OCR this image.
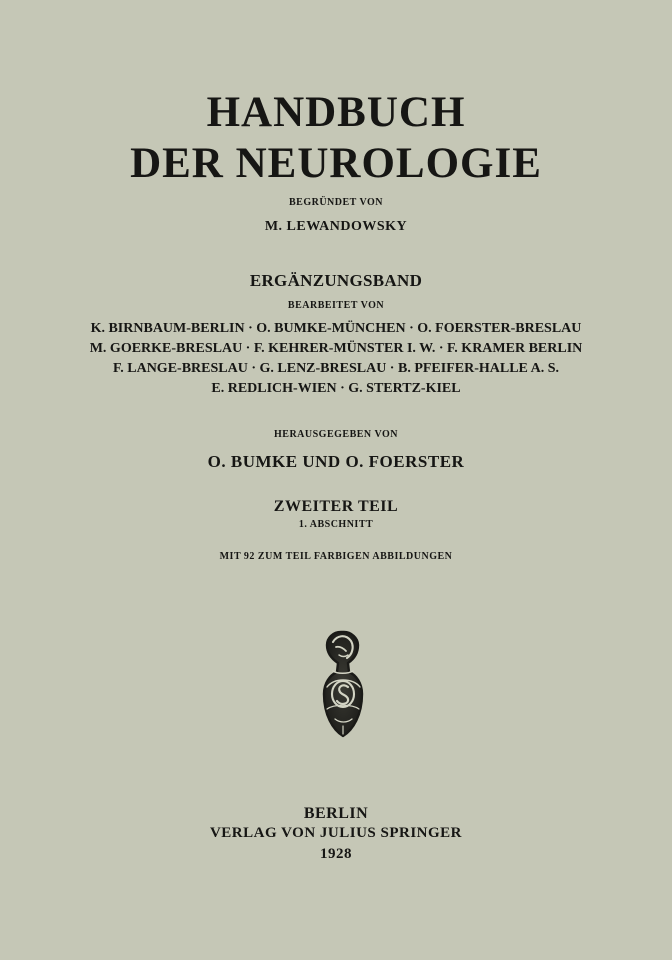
HANDBUCH
DER NEUROLOGIE
BEGRÜNDET VON
M. LEWANDOWSKY
ERGÄNZUNGSBAND
BEARBEITET VON
K. BIRNBAUM-BERLIN · O. BUMKE-MÜNCHEN · O. FOERSTER-BRESLAU
M. GOERKE-BRESLAU · F. KEHRER-MÜNSTER I. W. · F. KRAMER BERLIN
F. LANGE-BRESLAU · G. LENZ-BRESLAU · B. PFEIFER-HALLE A. S.
E. REDLICH-WIEN · G. STERTZ-KIEL
HERAUSGEGEBEN VON
O. BUMKE UND O. FOERSTER
ZWEITER TEIL
1. ABSCHNITT
MIT 92 ZUM TEIL FARBIGEN ABBILDUNGEN
BERLIN
VERLAG VON JULIUS SPRINGER
1928
